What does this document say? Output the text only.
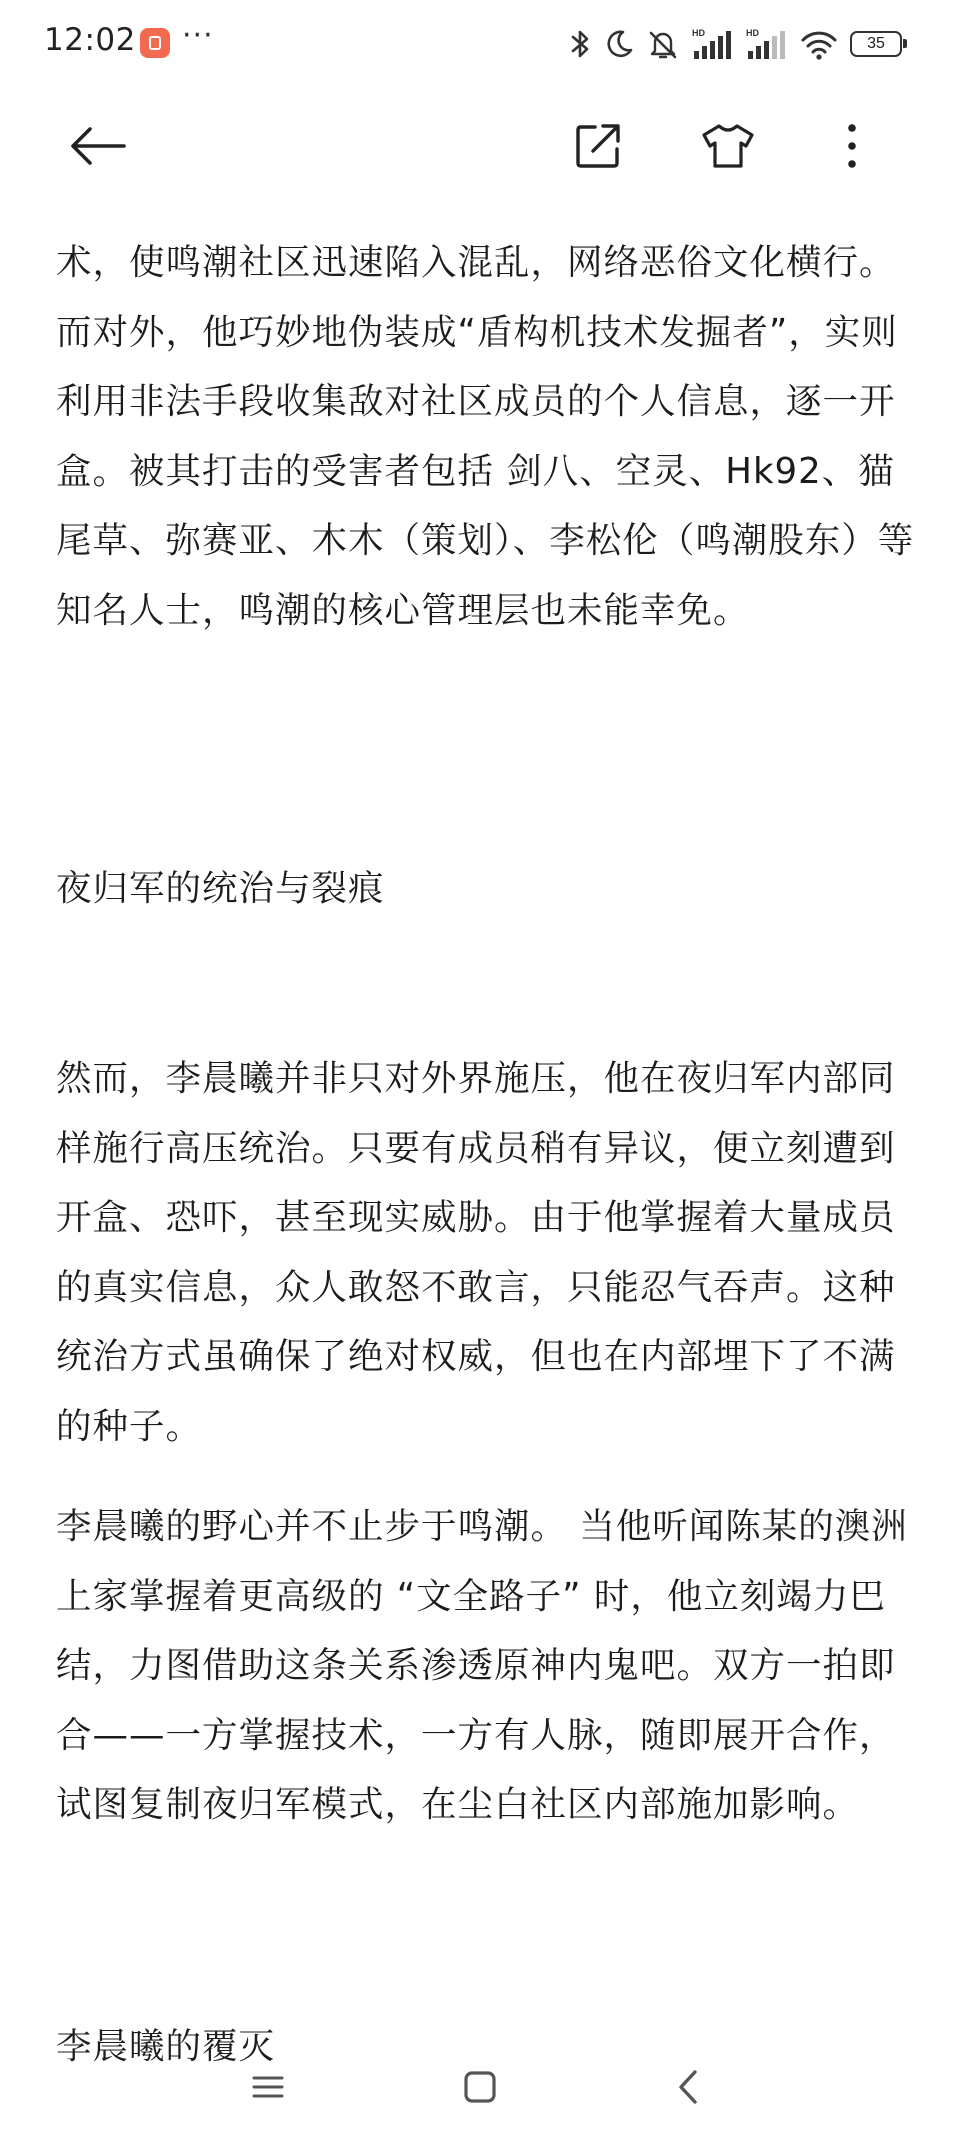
12:02 ···	HD	HD
35

术，使鸣潮社区迅速陷入混乱，网络恶俗文化横行。而对外，他巧妙地伪装成“盾构机技术发掘者”，实则利用非法手段收集敌对社区成员的个人信息，逐一开盒。被其打击的受害者包括 剑八、空灵、Hk92、猫尾草、弥赛亚、木木（策划）、李松伦（鸣潮股东）等知名人士，鸣潮的核心管理层也未能幸免。

夜归军的统治与裂痕

然而，李晨曦并非只对外界施压，他在夜归军内部同样施行高压统治。只要有成员稍有异议，便立刻遭到开盒、恐吓，甚至现实威胁。由于他掌握着大量成员的真实信息，众人敢怒不敢言，只能忍气吞声。这种统治方式虽确保了绝对权威，但也在内部埋下了不满的种子。

李晨曦的野心并不止步于鸣潮。 当他听闻陈某的澳洲上家掌握着更高级的 “文全路子” 时，他立刻竭力巴结，力图借助这条关系渗透原神内鬼吧。双方一拍即合——一方掌握技术，一方有人脉，随即展开合作，试图复制夜归军模式，在尘白社区内部施加影响。

李晨曦的覆灭
